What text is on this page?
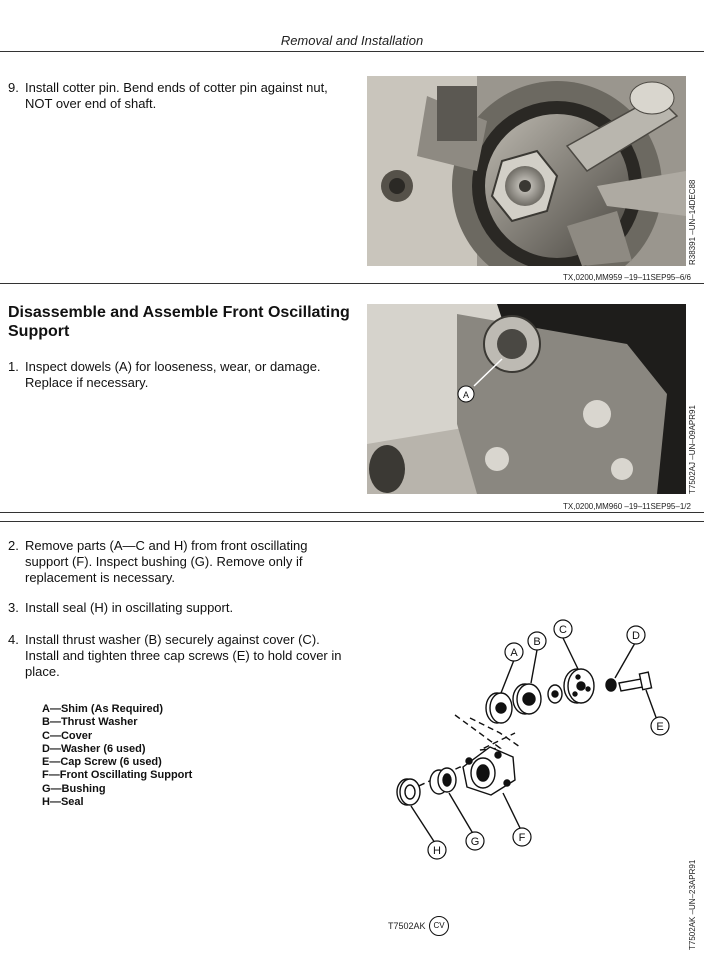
Removal and Installation
9. Install cotter pin. Bend ends of cotter pin against nut, NOT over end of shaft.
R38391 –UN–14DEC88
TX,0200,MM959 –19–11SEP95–6/6
Disassemble and Assemble Front Oscillating Support
1. Inspect dowels (A) for looseness, wear, or damage. Replace if necessary.
A
T7502AJ –UN–09APR91
TX,0200,MM960 –19–11SEP95–1/2
2. Remove parts (A—C and H) from front oscillating support (F). Inspect bushing (G). Remove only if replacement is necessary.
3. Install seal (H) in oscillating support.
4. Install thrust washer (B) securely against cover (C). Install and tighten three cap screws (E) to hold cover in place.
A—Shim (As Required)
B—Thrust Washer
C—Cover
D—Washer (6 used)
E—Cap Screw (6 used)
F—Front Oscillating Support
G—Bushing
H—Seal
A
B
C	D
E
F
G
H
T7502AK CV	T7502AK –UN–23APR91
